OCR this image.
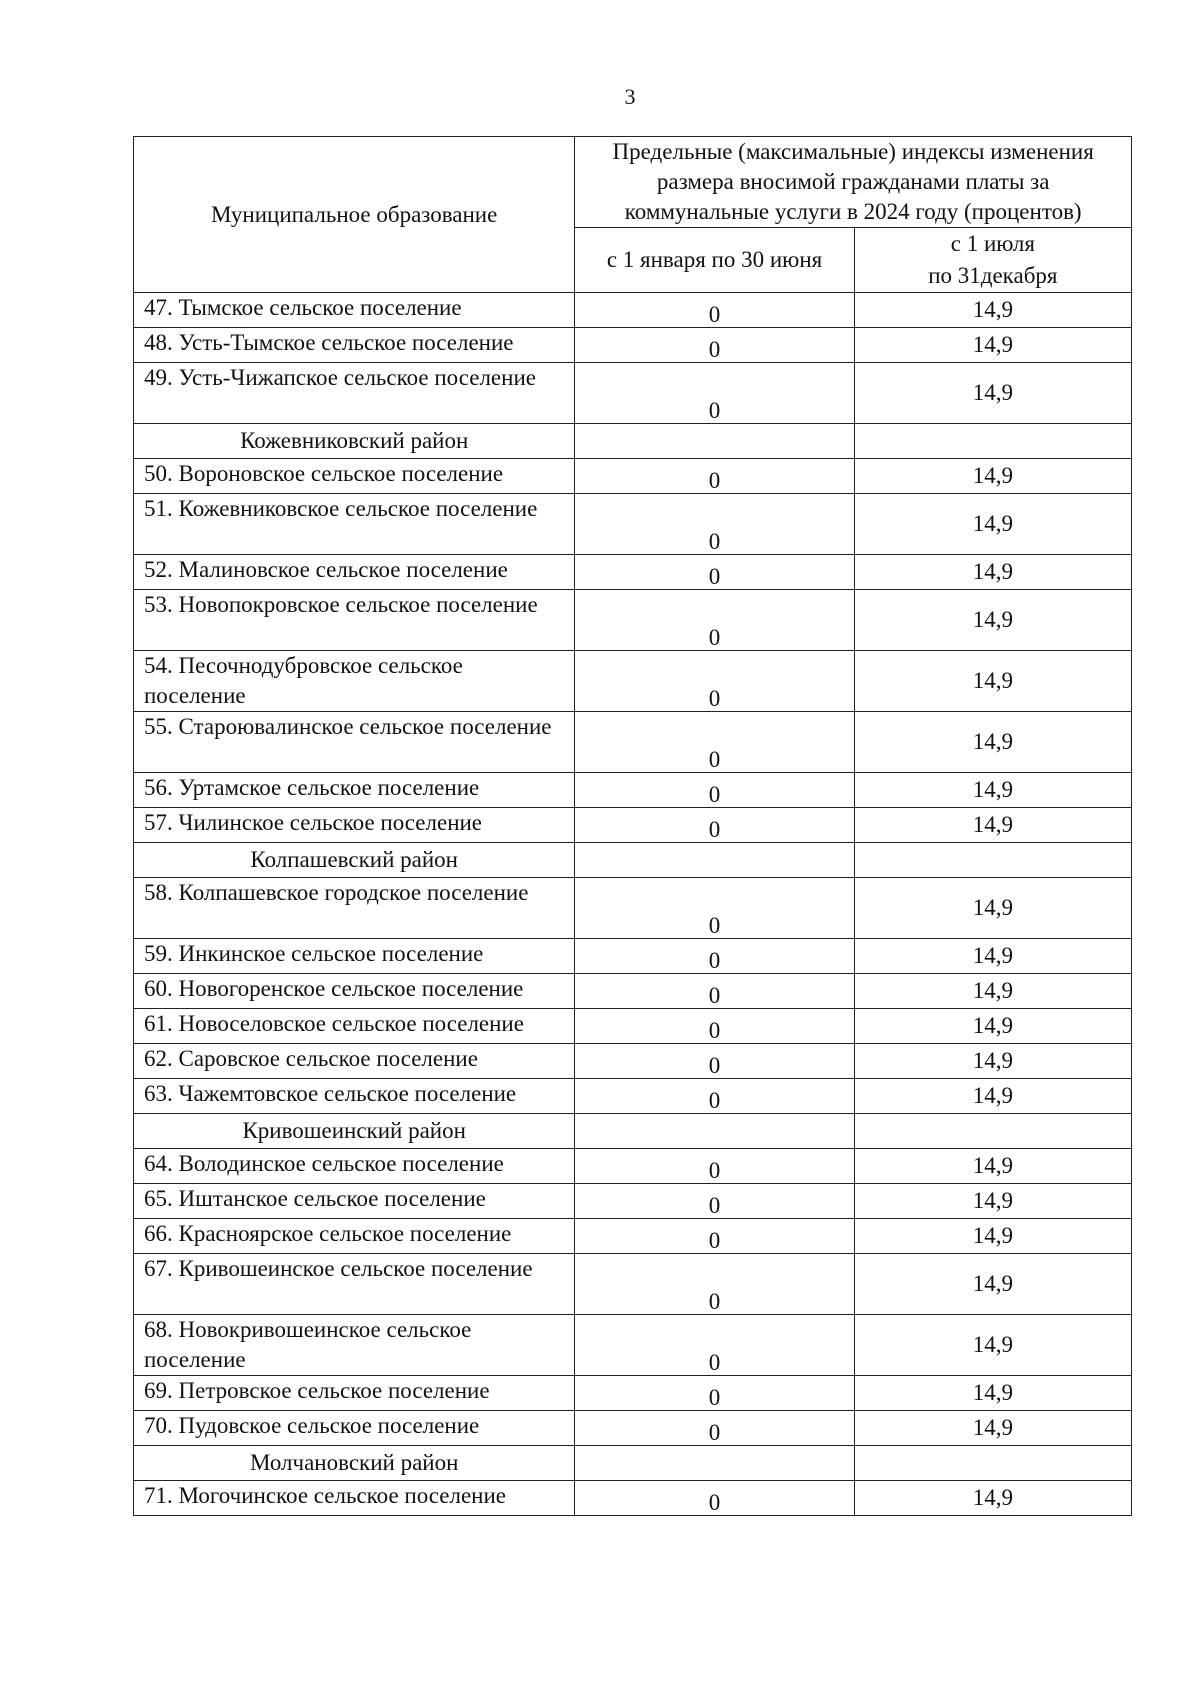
3
Муниципальное образование	Предельные (максимальные) индексы изменения размера вносимой гражданами платы за коммунальные услуги в 2024 году (процентов)	
	с 1 января по 30 июня	с 1 июля
по 31декабря
47. Тымское сельское поселение	0	14,9
48. Усть-Тымское сельское поселение	0	14,9
49. Усть-Чижапское сельское поселение	0	14,9
Кожевниковский район		
50. Вороновское сельское поселение	0	14,9
51. Кожевниковское сельское поселение	0	14,9
52. Малиновское сельское поселение	0	14,9
53. Новопокровское сельское поселение	0	14,9
54. Песочнодубровское сельское поселение	0	14,9
55. Староювалинское сельское поселение	0	14,9
56. Уртамское сельское поселение	0	14,9
57. Чилинское сельское поселение	0	14,9
Колпашевский район		
58. Колпашевское городское поселение	0	14,9
59. Инкинское сельское поселение	0	14,9
60. Новогоренское сельское поселение	0	14,9
61. Новоселовское сельское поселение	0	14,9
62. Саровское сельское поселение	0	14,9
63. Чажемтовское сельское поселение	0	14,9
Кривошеинский район		
64. Володинское сельское поселение	0	14,9
65. Иштанское сельское поселение	0	14,9
66. Красноярское сельское поселение	0	14,9
67. Кривошеинское сельское поселение	0	14,9
68. Новокривошеинское сельское поселение	0	14,9
69. Петровское сельское поселение	0	14,9
70. Пудовское сельское поселение	0	14,9
Молчановский район		
71. Могочинское сельское поселение	0	14,9
